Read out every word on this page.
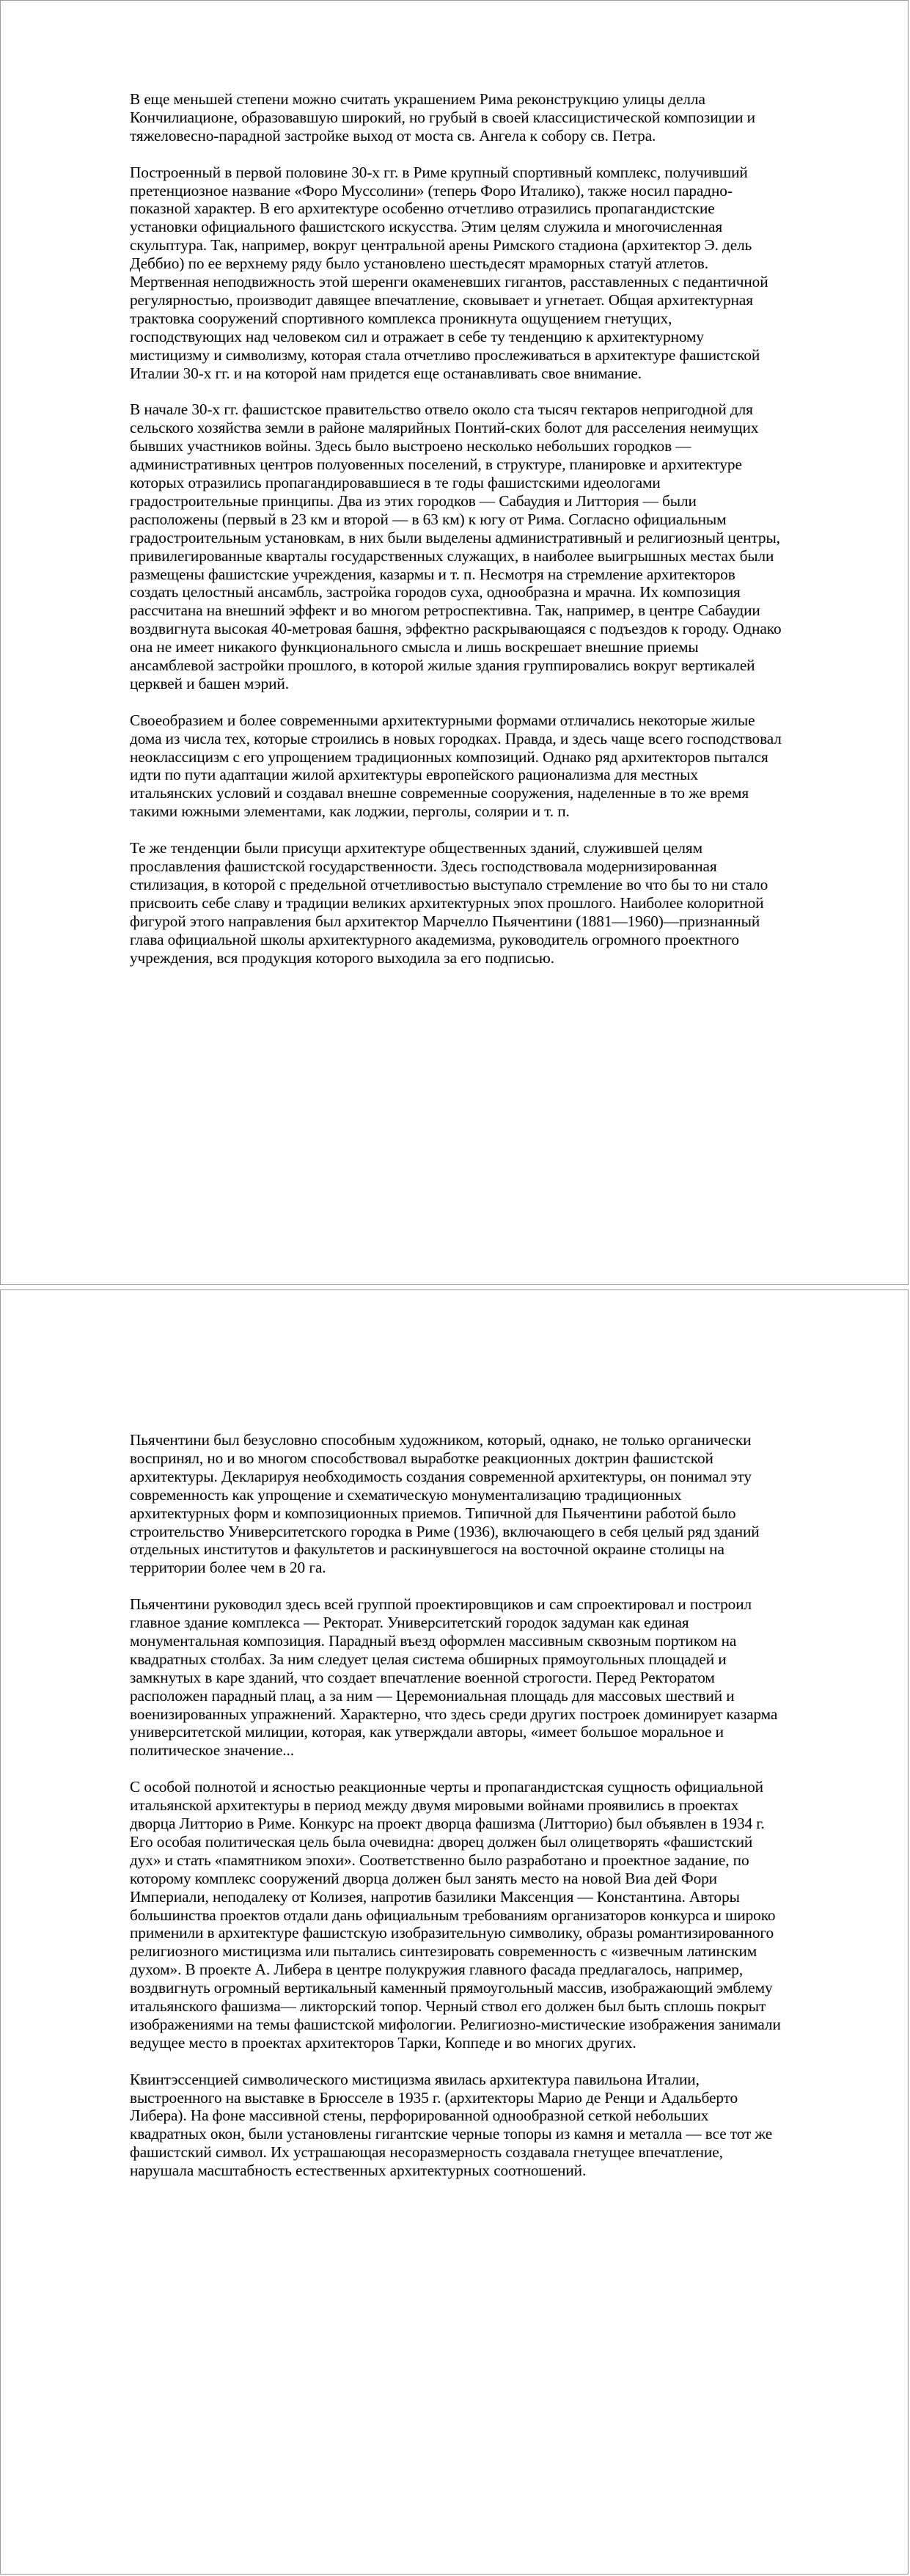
В еще меньшей степени можно считать украшением Рима реконструкцию улицы делла Кончилиационе, образовавшую широкий, но грубый в своей классицистической композиции и тяжеловесно-парадной застройке выход от моста св. Ангела к собору св. Петра.

Построенный в первой половине 30-х гг. в Риме крупный спортивный комплекс, получивший претенциозное название «Форо Муссолини» (теперь Форо Италико), также носил парадно-показной характер. В его архитектуре особенно отчетливо отразились пропагандистские установки официального фашистского искусства. Этим целям служила и многочисленная скульптура. Так, например, вокруг центральной арены Римского стадиона (архитектор Э. дель Деббио) по ее верхнему ряду было установлено шестьдесят мраморных статуй атлетов. Мертвенная неподвижность этой шеренги окаменевших гигантов, расставленных с педантичной регулярностью, производит давящее впечатление, сковывает и угнетает. Общая архитектурная трактовка сооружений спортивного комплекса проникнута ощущением гнетущих, господствующих над человеком сил и отражает в себе ту тенденцию к архитектурному мистицизму и символизму, которая стала отчетливо прослеживаться в архитектуре фашистской Италии 30-х гг. и на которой нам придется еще останавливать свое внимание.

В начале 30-х гг. фашистское правительство отвело около ста тысяч гектаров непригодной для сельского хозяйства земли в районе малярийных Понтий-ских болот для расселения неимущих бывших участников войны. Здесь было выстроено несколько небольших городков — административных центров полуовенных поселений, в структуре, планировке и архитектуре которых отразились пропагандировавшиеся в те годы фашистскими идеологами градостроительные принципы. Два из этих городков — Сабаудия и Литтория — были расположены (первый в 23 км и второй — в 63 км) к югу от Рима. Согласно официальным градостроительным установкам, в них были выделены административный и религиозный центры, привилегированные кварталы государственных служащих, в наиболее выигрышных местах были размещены фашистские учреждения, казармы и т. п. Несмотря на стремление архитекторов создать целостный ансамбль, застройка городов суха, однообразна и мрачна. Их композиция рассчитана на внешний эффект и во многом ретроспективна. Так, например, в центре Сабаудии воздвигнута высокая 40-метровая башня, эффектно раскрывающаяся с подъездов к городу. Однако она не имеет никакого функционального смысла и лишь воскрешает внешние приемы ансамблевой застройки прошлого, в которой жилые здания группировались вокруг вертикалей церквей и башен мэрий.

Своеобразием и более современными архитектурными формами отличались некоторые жилые дома из числа тех, которые строились в новых городках. Правда, и здесь чаще всего господствовал неоклассицизм с его упрощением традиционных композиций. Однако ряд архитекторов пытался идти по пути адаптации жилой архитектуры европейского рационализма для местных итальянских условий и создавал внешне современные сооружения, наделенные в то же время такими южными элементами, как лоджии, перголы, солярии и т. п.

Те же тенденции были присущи архитектуре общественных зданий, служившей целям прославления фашистской государственности. Здесь господствовала модернизированная стилизация, в которой с предельной отчетливостью выступало стремление во что бы то ни стало присвоить себе славу и традиции великих архитектурных эпох прошлого. Наиболее колоритной фигурой этого направления был архитектор Марчелло Пьячентини (1881—1960)—признанный глава официальной школы архитектурного академизма, руководитель огромного проектного учреждения, вся продукция которого выходила за его подписью.

Пьячентини был безусловно способным художником, который, однако, не только органически воспринял, но и во многом способствовал выработке реакционных доктрин фашистской архитектуры. Декларируя необходимость создания современной архитектуры, он понимал эту современность как упрощение и схематическую монументализацию традиционных архитектурных форм и композиционных приемов. Типичной для Пьячентини работой было строительство Университетского городка в Риме (1936), включающего в себя целый ряд зданий отдельных институтов и факультетов и раскинувшегося на восточной окраине столицы на территории более чем в 20 га.

Пьячентини руководил здесь всей группой проектировщиков и сам спроектировал и построил главное здание комплекса — Ректорат. Университетский городок задуман как единая монументальная композиция. Парадный въезд оформлен массивным сквозным портиком на квадратных столбах. За ним следует целая система обширных прямоугольных площадей и замкнутых в каре зданий, что создает впечатление военной строгости. Перед Ректоратом расположен парадный плац, а за ним — Церемониальная площадь для массовых шествий и военизированных упражнений. Характерно, что здесь среди других построек доминирует казарма университетской милиции, которая, как утверждали авторы, «имеет большое моральное и политическое значение...

С особой полнотой и ясностью реакционные черты и пропагандистская сущность официальной итальянской архитектуры в период между двумя мировыми войнами проявились в проектах дворца Литторио в Риме. Конкурс на проект дворца фашизма (Литторио) был объявлен в 1934 г. Его особая политическая цель была очевидна: дворец должен был олицетворять «фашистский дух» и стать «памятником эпохи». Соответственно было разработано и проектное задание, по которому комплекс сооружений дворца должен был занять место на новой Виа дей Фори Империали, неподалеку от Колизея, напротив базилики Максенция — Константина. Авторы большинства проектов отдали дань официальным требованиям организаторов конкурса и широко применили в архитектуре фашистскую изобразительную символику, образы романтизированного религиозного мистицизма или пытались синтезировать современность с «извечным латинским духом». В проекте А. Либера в центре полукружия главного фасада предлагалось, например, воздвигнуть огромный вертикальный каменный прямоугольный массив, изображающий эмблему итальянского фашизма— ликторский топор. Черный ствол его должен был быть сплошь покрыт изображениями на темы фашистской мифологии. Религиозно-мистические изображения занимали ведущее место в проектах архитекторов Тарки, Коппеде и во многих других.

Квинтэссенцией символического мистицизма явилась архитектура павильона Италии, выстроенного на выставке в Брюсселе в 1935 г. (архитекторы Марио де Ренци и Адальберто Либера). На фоне массивной стены, перфорированной однообразной сеткой небольших квадратных окон, были установлены гигантские черные топоры из камня и металла — все тот же фашистский символ. Их устрашающая несоразмерность создавала гнетущее впечатление, нарушала масштабность естественных архитектурных соотношений.
